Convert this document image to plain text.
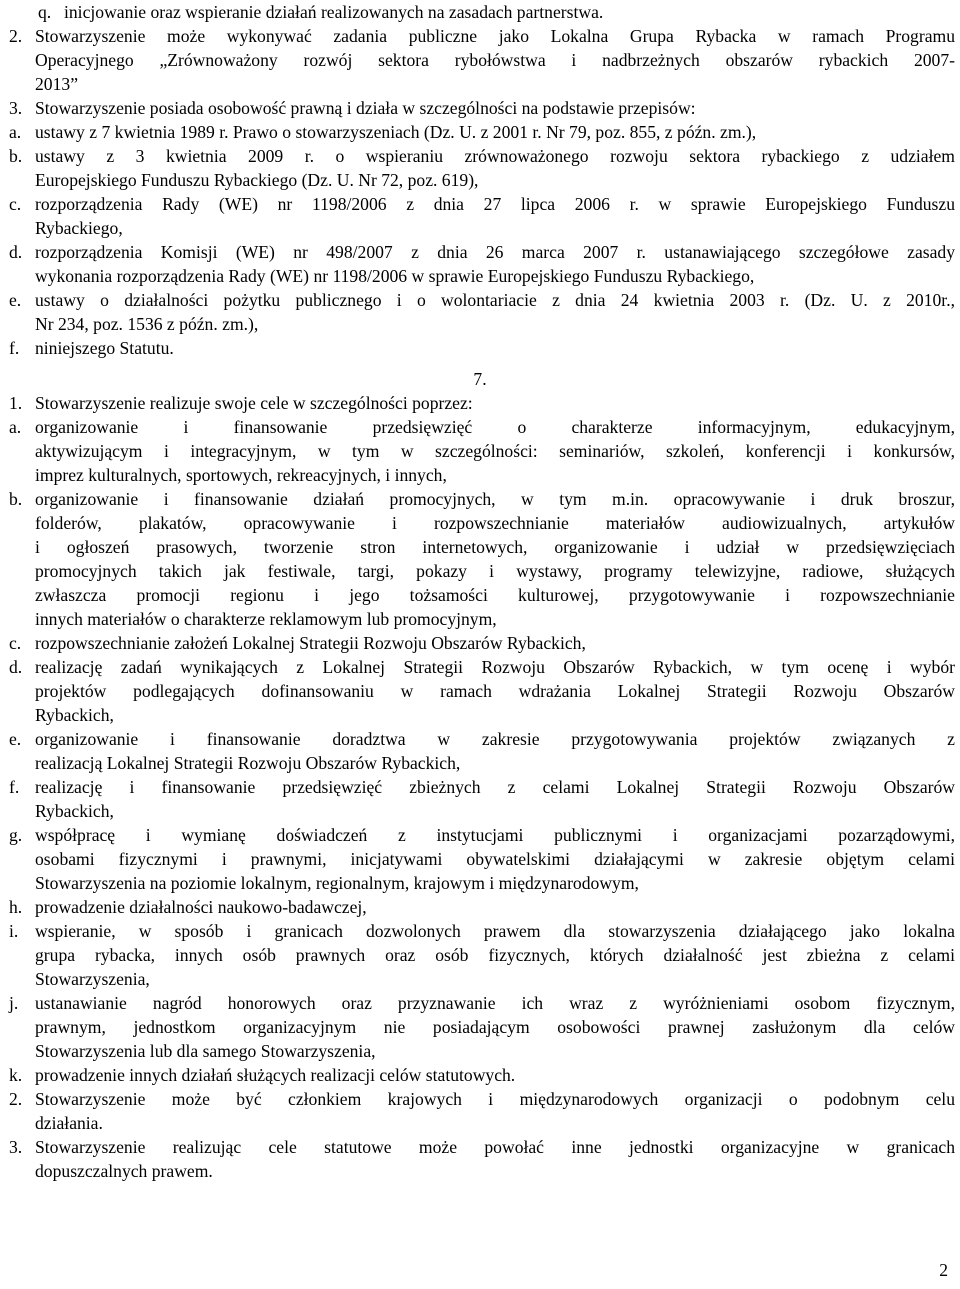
q. inicjowanie oraz wspieranie działań realizowanych na zasadach partnerstwa.
2. Stowarzyszenie może wykonywać zadania publiczne jako Lokalna Grupa Rybacka w ramach Programu
Operacyjnego „Zrównoważony rozwój sektora rybołówstwa i nadbrzeżnych obszarów rybackich 2007-
2013”
3. Stowarzyszenie posiada osobowość prawną i działa w szczególności na podstawie przepisów:
a. ustawy z 7 kwietnia 1989 r. Prawo o stowarzyszeniach (Dz. U. z 2001 r. Nr 79, poz. 855, z późn. zm.),
b. ustawy z 3 kwietnia 2009 r. o wspieraniu zrównoważonego rozwoju sektora rybackiego z udziałem
Europejskiego Funduszu Rybackiego (Dz. U. Nr 72, poz. 619),
c. rozporządzenia Rady (WE) nr 1198/2006 z dnia 27 lipca 2006 r. w sprawie Europejskiego Funduszu
Rybackiego,
d. rozporządzenia Komisji (WE) nr 498/2007 z dnia 26 marca 2007 r. ustanawiającego szczegółowe zasady
wykonania rozporządzenia Rady (WE) nr 1198/2006 w sprawie Europejskiego Funduszu Rybackiego,
e. ustawy o działalności pożytku publicznego i o wolontariacie z dnia 24 kwietnia 2003 r. (Dz. U. z 2010r.,
Nr 234, poz. 1536 z późn. zm.),
f. niniejszego Statutu.
7.
1. Stowarzyszenie realizuje swoje cele w szczególności poprzez:
a. organizowanie i finansowanie przedsięwzięć o charakterze informacyjnym, edukacyjnym,
aktywizującym i integracyjnym, w tym w szczególności: seminariów, szkoleń, konferencji i konkursów,
imprez kulturalnych, sportowych, rekreacyjnych, i innych,
b. organizowanie i finansowanie działań promocyjnych, w tym m.in. opracowywanie i druk broszur,
folderów, plakatów, opracowywanie i rozpowszechnianie materiałów audiowizualnych, artykułów
i ogłoszeń prasowych, tworzenie stron internetowych, organizowanie i udział w przedsięwzięciach
promocyjnych takich jak festiwale, targi, pokazy i wystawy, programy telewizyjne, radiowe, służących
zwłaszcza promocji regionu i jego tożsamości kulturowej, przygotowywanie i rozpowszechnianie
innych materiałów o charakterze reklamowym lub promocyjnym,
c. rozpowszechnianie założeń Lokalnej Strategii Rozwoju Obszarów Rybackich,
d. realizację zadań wynikających z Lokalnej Strategii Rozwoju Obszarów Rybackich, w tym ocenę i wybór
projektów podlegających dofinansowaniu w ramach wdrażania Lokalnej Strategii Rozwoju Obszarów
Rybackich,
e. organizowanie i finansowanie doradztwa w zakresie przygotowywania projektów związanych z
realizacją Lokalnej Strategii Rozwoju Obszarów Rybackich,
f. realizację i finansowanie przedsięwzięć zbieżnych z celami Lokalnej Strategii Rozwoju Obszarów
Rybackich,
g. współpracę i wymianę doświadczeń z instytucjami publicznymi i organizacjami pozarządowymi,
osobami fizycznymi i prawnymi, inicjatywami obywatelskimi działającymi w zakresie objętym celami
Stowarzyszenia na poziomie lokalnym, regionalnym, krajowym i międzynarodowym,
h. prowadzenie działalności naukowo-badawczej,
i. wspieranie, w sposób i granicach dozwolonych prawem dla stowarzyszenia działającego jako lokalna
grupa rybacka, innych osób prawnych oraz osób fizycznych, których działalność jest zbieżna z celami
Stowarzyszenia,
j. ustanawianie nagród honorowych oraz przyznawanie ich wraz z wyróżnieniami osobom fizycznym,
prawnym, jednostkom organizacyjnym nie posiadającym osobowości prawnej zasłużonym dla celów
Stowarzyszenia lub dla samego Stowarzyszenia,
k. prowadzenie innych działań służących realizacji celów statutowych.
2. Stowarzyszenie może być członkiem krajowych i międzynarodowych organizacji o podobnym celu
działania.
3. Stowarzyszenie realizując cele statutowe może powołać inne jednostki organizacyjne w granicach
dopuszczalnych prawem.
2
